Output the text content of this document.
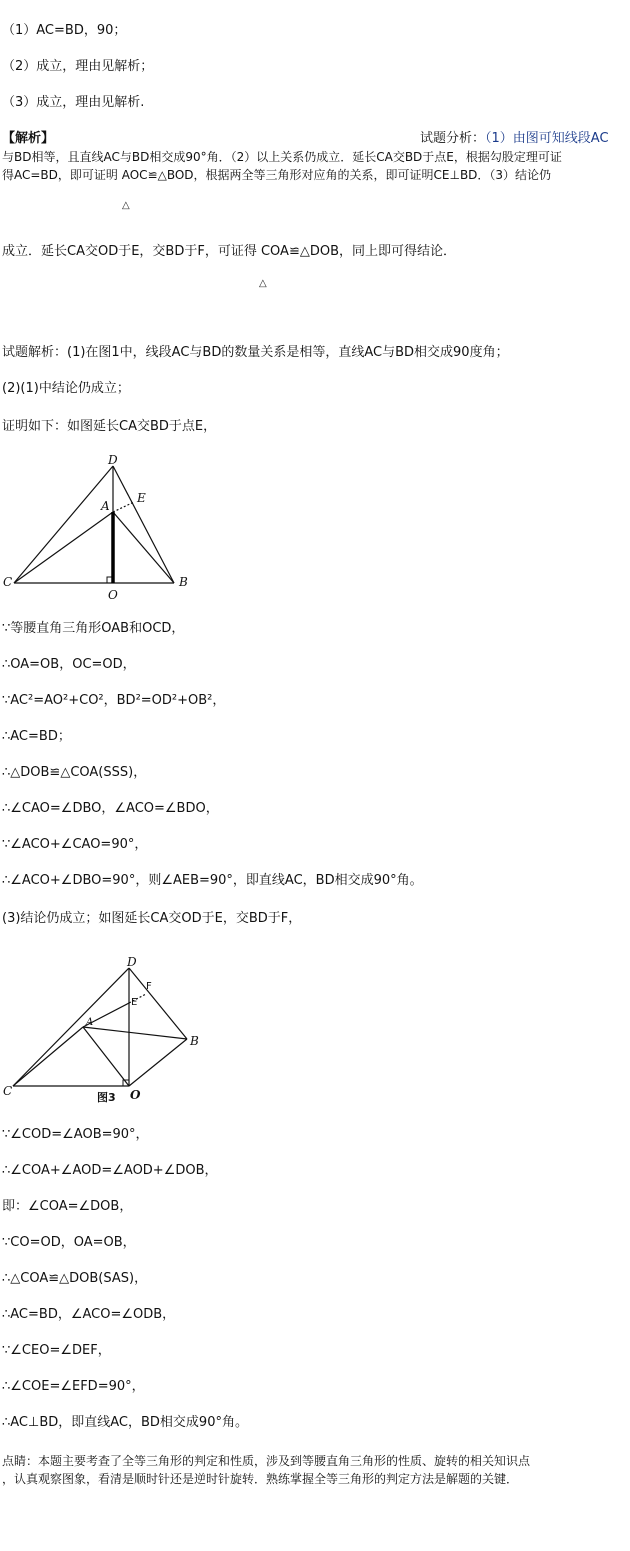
（1）AC=BD，90；
（2）成立，理由见解析；
（3）成立，理由见解析.
【解析】	试题分析：（1）由图可知线段AC
与BD相等，且直线AC与BD相交成90°角．（2）以上关系仍成立．延长CA交BD于点E，根据勾股定理可证
得AC=BD，即可证明 AOC≌△BOD，根据两全等三角形对应角的关系，即可证明CE⊥BD．（3）结论仍
△
成立．延长CA交OD于E，交BD于F，可证得 COA≌△DOB，同上即可得结论．
△
试题解析：(1)在图1中，线段AC与BD的数量关系是相等，直线AC与BD相交成90度角；
(2)(1)中结论仍成立；
证明如下：如图延长CA交BD于点E，
D
A
E
C
O
B
∵等腰直角三角形OAB和OCD，
∴OA=OB，OC=OD，
∵AC²=AO²+CO²，BD²=OD²+OB²，
∴AC=BD；
∴△DOB≌△COA(SSS)，
∴∠CAO=∠DBO，∠ACO=∠BDO，
∵∠ACO+∠CAO=90°，
∴∠ACO+∠DBO=90°，则∠AEB=90°，即直线AC，BD相交成90°角。
(3)结论仍成立；如图延长CA交OD于E，交BD于F，
D
F
E
A
B
C	O
图3
∵∠COD=∠AOB=90°，
∴∠COA+∠AOD=∠AOD+∠DOB，
即：∠COA=∠DOB，
∵CO=OD，OA=OB，
∴△COA≌△DOB(SAS)，
∴AC=BD，∠ACO=∠ODB，
∵∠CEO=∠DEF，
∴∠COE=∠EFD=90°，
∴AC⊥BD，即直线AC，BD相交成90°角。
点睛：本题主要考查了全等三角形的判定和性质，涉及到等腰直角三角形的性质、旋转的相关知识点
，认真观察图象，看清是顺时针还是逆时针旋转．熟练掌握全等三角形的判定方法是解题的关键．
